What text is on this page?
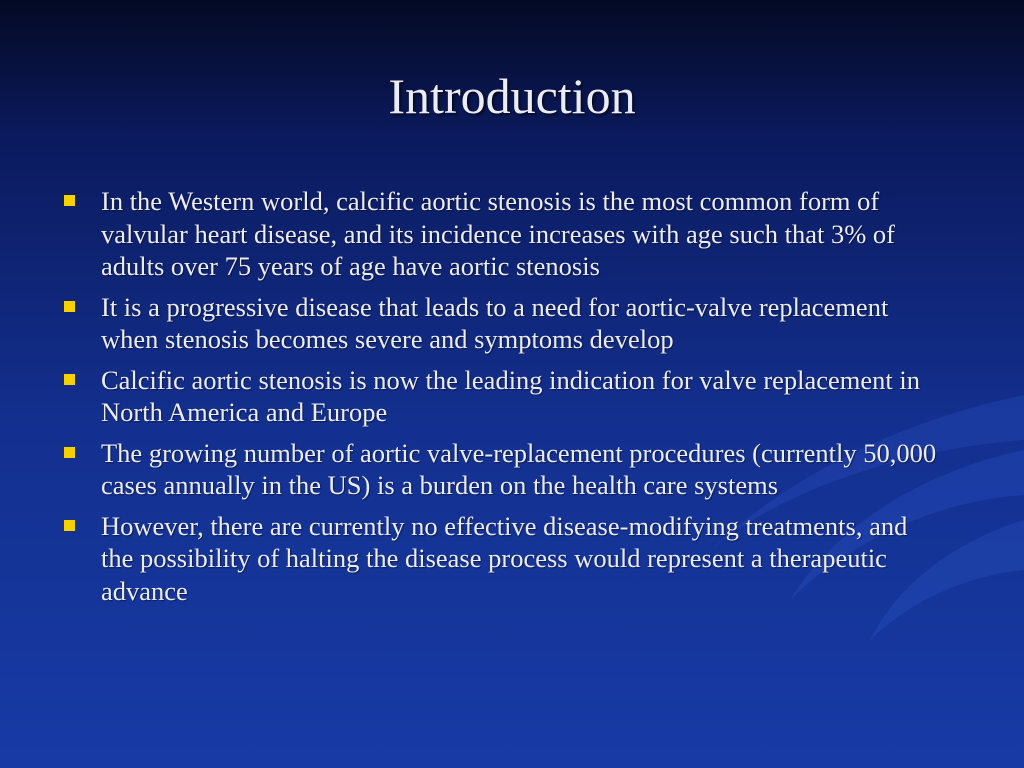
Introduction
In the Western world, calcific aortic stenosis is the most common form of valvular heart disease, and its incidence increases with age such that 3% of adults over 75 years of age have aortic stenosis
It is a progressive disease that leads to a need for aortic-valve replacement when stenosis becomes severe and symptoms develop
Calcific aortic stenosis is now the leading indication for valve replacement in North America and Europe
The growing number of aortic valve-replacement procedures (currently 50,000 cases annually in the US) is a burden on the health care systems
However, there are currently no effective disease-modifying treatments, and the possibility of halting the disease process would represent a therapeutic advance
